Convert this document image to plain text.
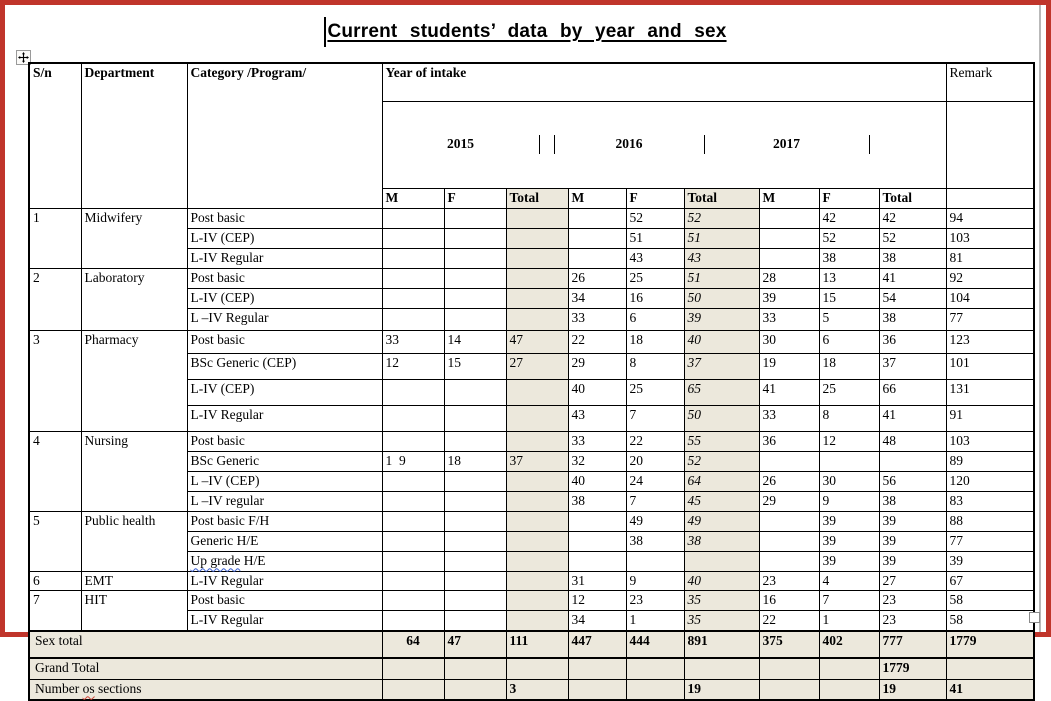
Current students’ data by year and sex
S/n	Department	Category /Program/	Year of intake									Remark

2015 2016 2017									

			M	F	Total	M	F	Total	M	F	Total	
1	Midwifery	Post basic					52	52		42	42	94
		L-IV (CEP)					51	51		52	52	103
		L-IV Regular					43	43		38	38	81
2	Laboratory	Post basic				26	25	51	28	13	41	92
		L-IV (CEP)				34	16	50	39	15	54	104
		L –IV Regular				33	6	39	33	5	38	77
3	Pharmacy	Post basic	33	14	47	22	18	40	30	6	36	123
		BSc Generic (CEP)	12	15	27	29	8	37	19	18	37	101
		L-IV (CEP)				40	25	65	41	25	66	131
		L-IV Regular				43	7	50	33	8	41	91
4	Nursing	Post basic				33	22	55	36	12	48	103
		BSc Generic	1  9	18	37	32	20	52				89
		L –IV (CEP)				40	24	64	26	30	56	120
		L –IV regular				38	7	45	29	9	38	83
5	Public health	Post basic F/H					49	49		39	39	88
		Generic H/E					38	38		39	39	77
		Up grade H/E								39	39	39
6	EMT	L-IV Regular				31	9	40	23	4	27	67
7	HIT	Post basic				12	23	35	16	7	23	58
		L-IV Regular				34	1	35	22	1	23	58
Sex total			64	47	111	447	444	891	375	402	777	1779
Grand Total											1779	
Number os sections					3			19			19	41
